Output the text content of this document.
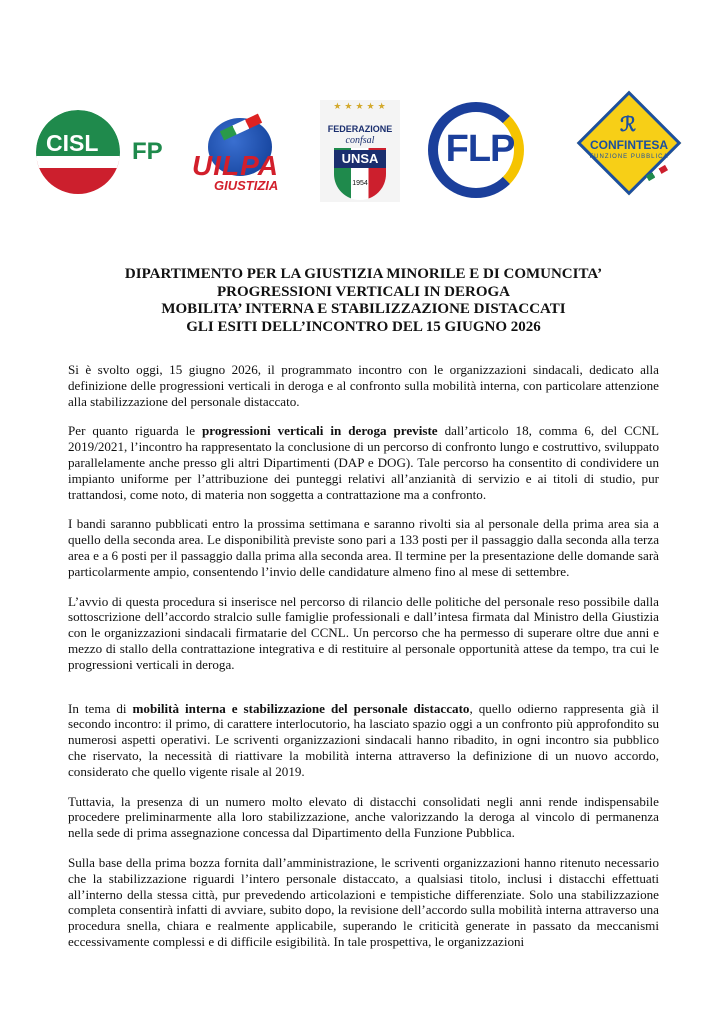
CISL FP UILPA
GIUSTIZIA
★★★★★
FEDERAZIONE
confsal
UNSA
1954
FLP
ℛ
CONFINTESA
FUNZIONE PUBBLICA
DIPARTIMENTO PER LA GIUSTIZIA MINORILE E DI COMUNCITA’
PROGRESSIONI VERTICALI IN DEROGA
MOBILITA’ INTERNA E STABILIZZAZIONE DISTACCATI
GLI ESITI DELL’INCONTRO DEL 15 GIUGNO 2026

Si è svolto oggi, 15 giugno 2026, il programmato incontro con le organizzazioni sindacali, dedicato alla definizione delle progressioni verticali in deroga e al confronto sulla mobilità interna, con particolare attenzione alla stabilizzazione del personale distaccato.

Per quanto riguarda le progressioni verticali in deroga previste dall’articolo 18, comma 6, del CCNL 2019/2021, l’incontro ha rappresentato la conclusione di un percorso di confronto lungo e costruttivo, sviluppato parallelamente anche presso gli altri Dipartimenti (DAP e DOG). Tale percorso ha consentito di condividere un impianto uniforme per l’attribuzione dei punteggi relativi all’anzianità di servizio e ai titoli di studio, pur trattandosi, come noto, di materia non soggetta a contrattazione ma a confronto.

I bandi saranno pubblicati entro la prossima settimana e saranno rivolti sia al personale della prima area sia a quello della seconda area. Le disponibilità previste sono pari a 133 posti per il passaggio dalla seconda alla terza area e a 6 posti per il passaggio dalla prima alla seconda area. Il termine per la presentazione delle domande sarà particolarmente ampio, consentendo l’invio delle candidature almeno fino al mese di settembre.

L’avvio di questa procedura si inserisce nel percorso di rilancio delle politiche del personale reso possibile dalla sottoscrizione dell’accordo stralcio sulle famiglie professionali e dall’intesa firmata dal Ministro della Giustizia con le organizzazioni sindacali firmatarie del CCNL. Un percorso che ha permesso di superare oltre due anni e mezzo di stallo della contrattazione integrativa e di restituire al personale opportunità attese da tempo, tra cui le progressioni verticali in deroga.

In tema di mobilità interna e stabilizzazione del personale distaccato, quello odierno rappresenta già il secondo incontro: il primo, di carattere interlocutorio, ha lasciato spazio oggi a un confronto più approfondito su numerosi aspetti operativi. Le scriventi organizzazioni sindacali hanno ribadito, in ogni incontro sia pubblico che riservato, la necessità di riattivare la mobilità interna attraverso la definizione di un nuovo accordo, considerato che quello vigente risale al 2019.

Tuttavia, la presenza di un numero molto elevato di distacchi consolidati negli anni rende indispensabile procedere preliminarmente alla loro stabilizzazione, anche valorizzando la deroga al vincolo di permanenza nella sede di prima assegnazione concessa dal Dipartimento della Funzione Pubblica.

Sulla base della prima bozza fornita dall’amministrazione, le scriventi organizzazioni hanno ritenuto necessario che la stabilizzazione riguardi l’intero personale distaccato, a qualsiasi titolo, inclusi i distacchi effettuati all’interno della stessa città, pur prevedendo articolazioni e tempistiche differenziate. Solo una stabilizzazione completa consentirà infatti di avviare, subito dopo, la revisione dell’accordo sulla mobilità interna attraverso una procedura snella, chiara e realmente applicabile, superando le criticità generate in passato da meccanismi eccessivamente complessi e di difficile esigibilità. In tale prospettiva, le organizzazioni
